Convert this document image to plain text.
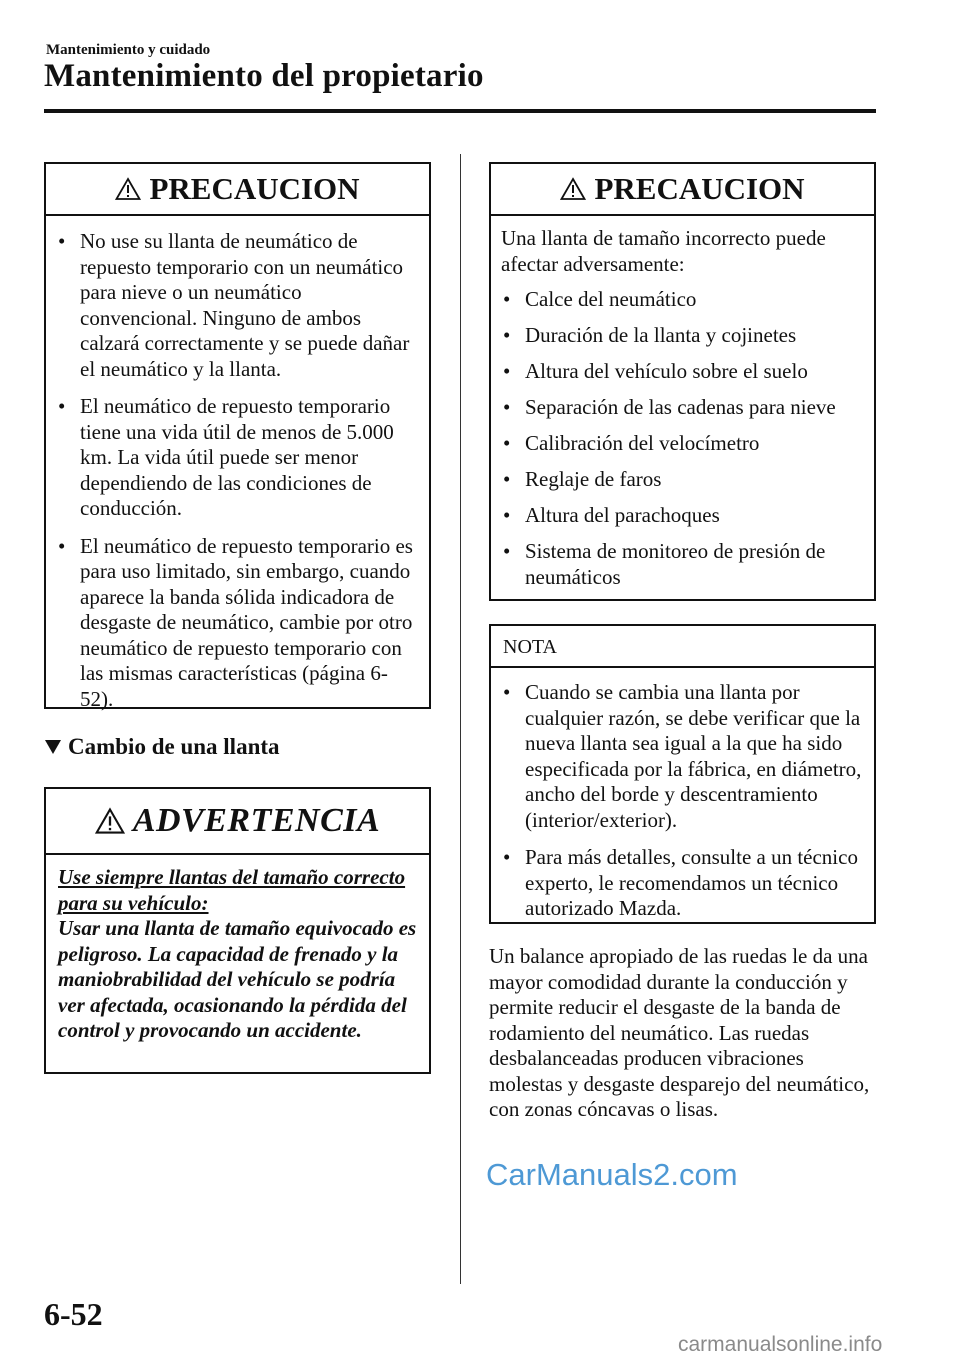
Mantenimiento y cuidado
Mantenimiento del propietario
PRECAUCION
• No use su llanta de neumático de repuesto temporario con un neumático para nieve o un neumático convencional. Ninguno de ambos calzará correctamente y se puede dañar el neumático y la llanta.
• El neumático de repuesto temporario tiene una vida útil de menos de 5.000 km. La vida útil puede ser menor dependiendo de las condiciones de conducción.
• El neumático de repuesto temporario es para uso limitado, sin embargo, cuando aparece la banda sólida indicadora de desgaste de neumático, cambie por otro neumático de repuesto temporario con las mismas características (página 6-52).
Cambio de una llanta
ADVERTENCIA
Use siempre llantas del tamaño correcto para su vehículo:
Usar una llanta de tamaño equivocado es peligroso. La capacidad de frenado y la maniobrabilidad del vehículo se podría ver afectada, ocasionando la pérdida del control y provocando un accidente.
PRECAUCION
Una llanta de tamaño incorrecto puede afectar adversamente:
• Calce del neumático
• Duración de la llanta y cojinetes
• Altura del vehículo sobre el suelo
• Separación de las cadenas para nieve
• Calibración del velocímetro
• Reglaje de faros
• Altura del parachoques
• Sistema de monitoreo de presión de neumáticos
NOTA
• Cuando se cambia una llanta por cualquier razón, se debe verificar que la nueva llanta sea igual a la que ha sido especificada por la fábrica, en diámetro, ancho del borde y descentramiento (interior/exterior).
• Para más detalles, consulte a un técnico experto, le recomendamos un técnico autorizado Mazda.
Un balance apropiado de las ruedas le da una mayor comodidad durante la conducción y permite reducir el desgaste de la banda de rodamiento del neumático. Las ruedas desbalanceadas producen vibraciones molestas y desgaste desparejo del neumático, con zonas cóncavas o lisas.
CarManuals2.com
6-52
carmanualsonline.info
